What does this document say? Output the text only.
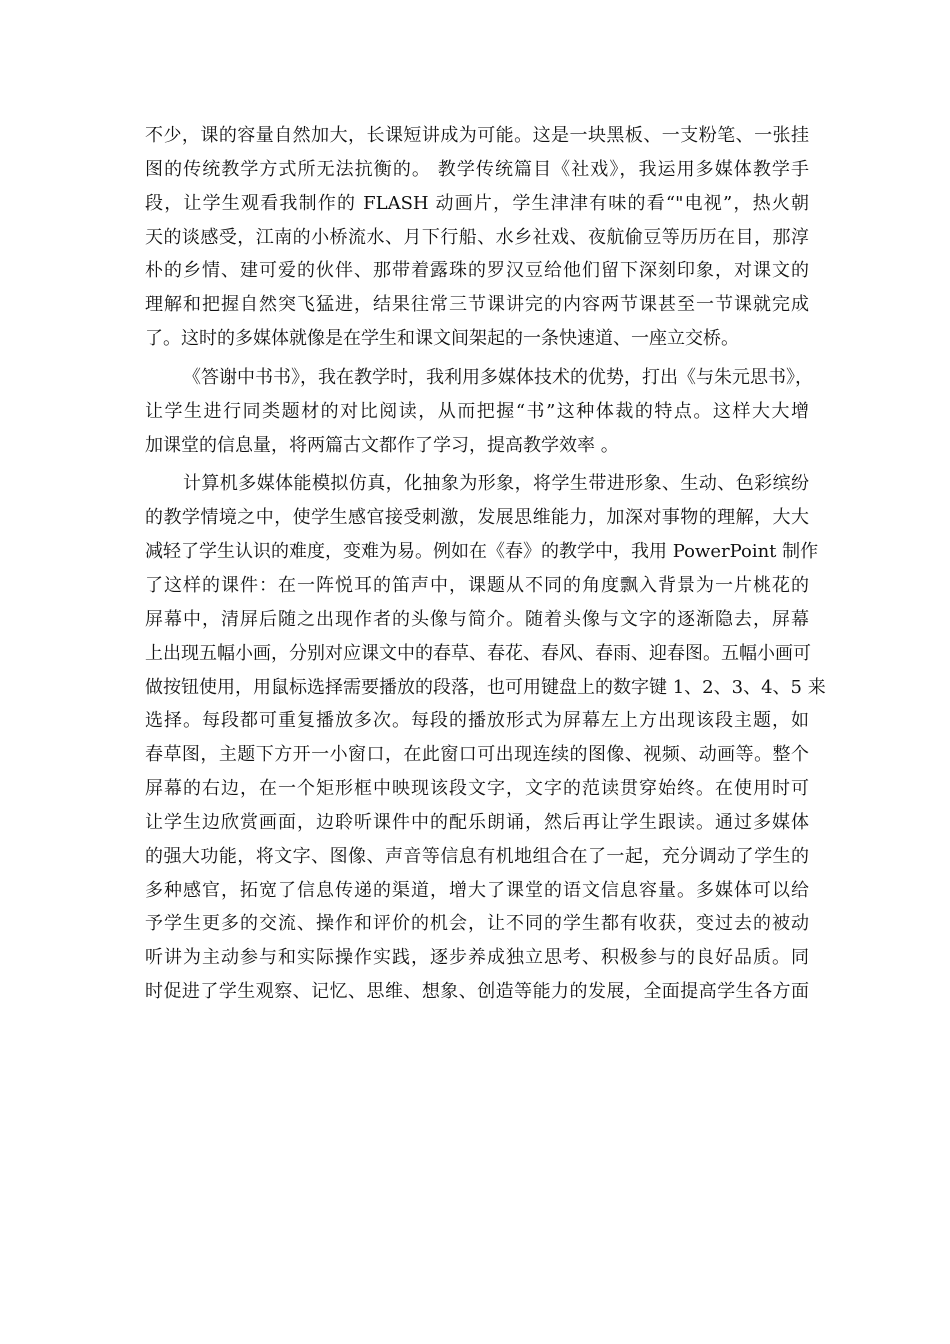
不少，课的容量自然加大，长课短讲成为可能。这是一块黑板、一支粉笔、一张挂
图的传统教学方式所无法抗衡的。 教学传统篇目《社戏》，我运用多媒体教学手
段，让学生观看我制作的 FLASH 动画片，学生津津有味的看“"电视”，热火朝
天的谈感受，江南的小桥流水、月下行船、水乡社戏、夜航偷豆等历历在目，那淳
朴的乡情、建可爱的伙伴、那带着露珠的罗汉豆给他们留下深刻印象，对课文的
理解和把握自然突飞猛进，结果往常三节课讲完的内容两节课甚至一节课就完成
了。这时的多媒体就像是在学生和课文间架起的一条快速道、一座立交桥。
《答谢中书书》，我在教学时，我利用多媒体技术的优势，打出《与朱元思书》，
让学生进行同类题材的对比阅读，从而把握“书”这种体裁的特点。这样大大增
加课堂的信息量，将两篇古文都作了学习，提高教学效率 。
计算机多媒体能模拟仿真，化抽象为形象，将学生带进形象、生动、色彩缤纷
的教学情境之中，使学生感官接受刺激，发展思维能力，加深对事物的理解，大大
减轻了学生认识的难度，变难为易。例如在《春》的教学中，我用 PowerPoint 制作
了这样的课件：在一阵悦耳的笛声中，课题从不同的角度飘入背景为一片桃花的
屏幕中，清屏后随之出现作者的头像与简介。随着头像与文字的逐渐隐去，屏幕
上出现五幅小画，分别对应课文中的春草、春花、春风、春雨、迎春图。五幅小画可
做按钮使用，用鼠标选择需要播放的段落，也可用键盘上的数字键 1、2、3、4、5 来
选择。每段都可重复播放多次。每段的播放形式为屏幕左上方出现该段主题，如
春草图，主题下方开一小窗口，在此窗口可出现连续的图像、视频、动画等。整个
屏幕的右边，在一个矩形框中映现该段文字，文字的范读贯穿始终。在使用时可
让学生边欣赏画面，边聆听课件中的配乐朗诵，然后再让学生跟读。通过多媒体
的强大功能，将文字、图像、声音等信息有机地组合在了一起，充分调动了学生的
多种感官，拓宽了信息传递的渠道，增大了课堂的语文信息容量。多媒体可以给
予学生更多的交流、操作和评价的机会，让不同的学生都有收获，变过去的被动
听讲为主动参与和实际操作实践，逐步养成独立思考、积极参与的良好品质。同
时促进了学生观察、记忆、思维、想象、创造等能力的发展，全面提高学生各方面
